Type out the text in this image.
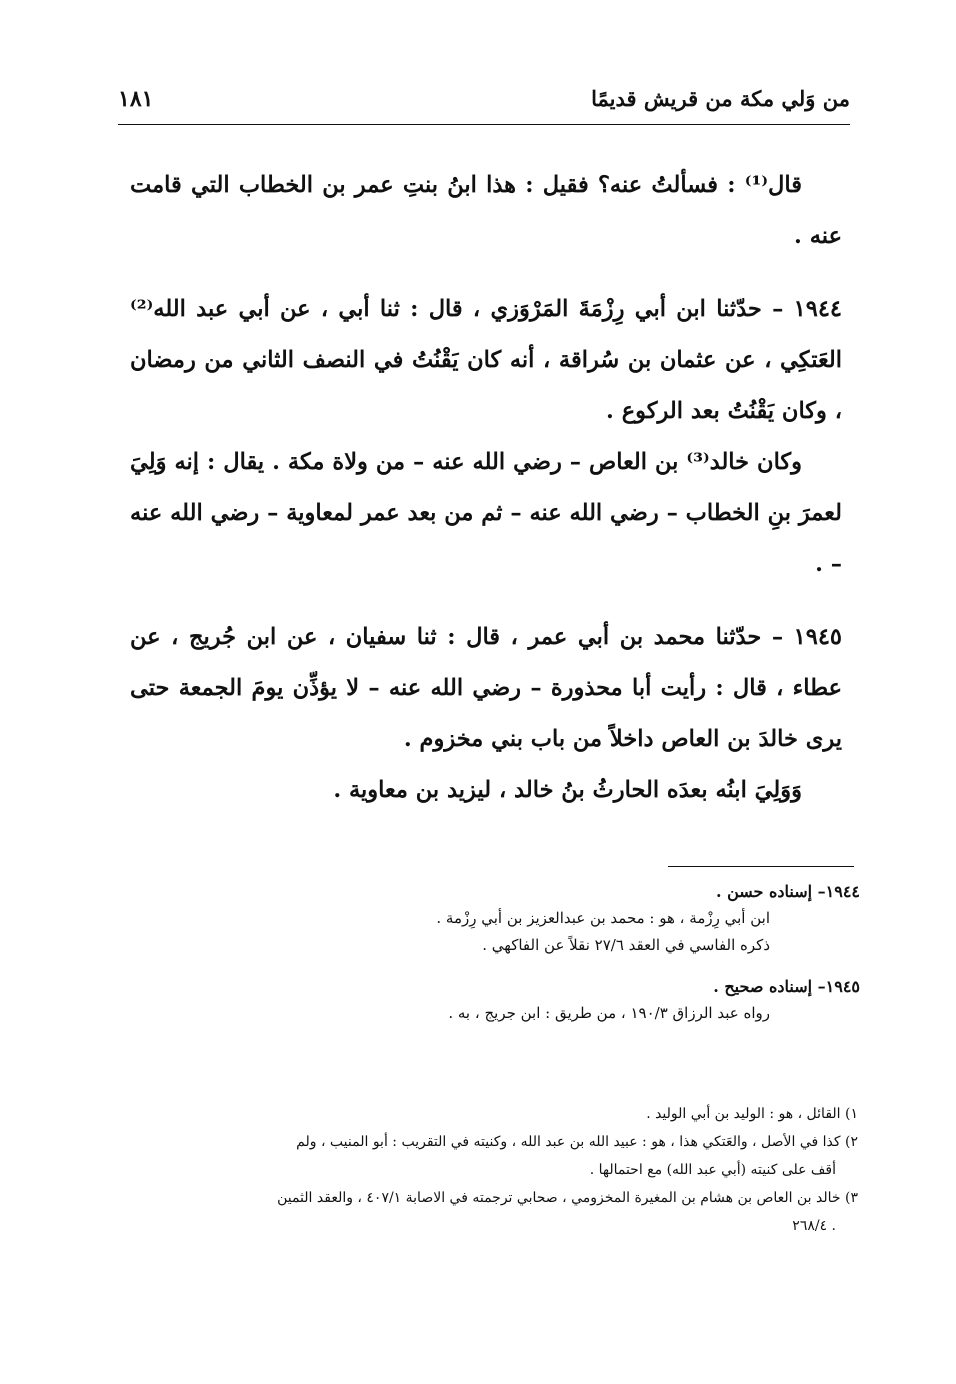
من وَلي مكة من قريش قديمًا
١٨١

قال⁽¹⁾ : فسألتُ عنه؟ فقيل : هذا ابنُ بنتِ عمر بن الخطاب التي قامت عنه .

١٩٤٤ – حدّثنا ابن أبي رِزْمَةَ المَرْوَزي ، قال : ثنا أبي ، عن أبي عبد الله⁽²⁾ العَتكِي ، عن عثمان بن سُراقة ، أنه كان يَقْنُتُ في النصف الثاني من رمضان ، وكان يَقْنُتُ بعد الركوع .

وكان خالد⁽³⁾ بن العاص – رضي الله عنه – من ولاة مكة . يقال : إنه وَلِيَ لعمرَ بنِ الخطاب – رضي الله عنه – ثم من بعد عمر لمعاوية – رضي الله عنه – .

١٩٤٥ – حدّثنا محمد بن أبي عمر ، قال : ثنا سفيان ، عن ابن جُريج ، عن عطاء ، قال : رأيت أبا محذورة – رضي الله عنه – لا يؤذِّن يومَ الجمعة حتى يرى خالدَ بن العاص داخلاً من باب بني مخزوم .

وَوَلِيَ ابنُه بعدَه الحارثُ بنُ خالد ، ليزيد بن معاوية .

١٩٤٤– إسناده حسن .

ابن أبي رِزْمة ، هو : محمد بن عبدالعزيز بن أبي رِزْمة .

ذكره الفاسي في العقد ٢٧/٦ نقلاً عن الفاكهي .

١٩٤٥– إسناده صحيح .

رواه عبد الرزاق ١٩٠/٣ ، من طريق : ابن جريج ، به .

١) القائل ، هو : الوليد بن أبي الوليد .

٢) كذا في الأصل ، والعَتكي هذا ، هو : عبيد الله بن عبد الله ، وكنيته في التقريب : أبو المنيب ، ولم

أقف على كنيته (أبي عبد الله) مع احتمالها .

٣) خالد بن العاص بن هشام بن المغيرة المخزومي ، صحابي ترجمته في الاصابة ٤٠٧/١ ، والعقد الثمين

. ٢٦٨/٤
